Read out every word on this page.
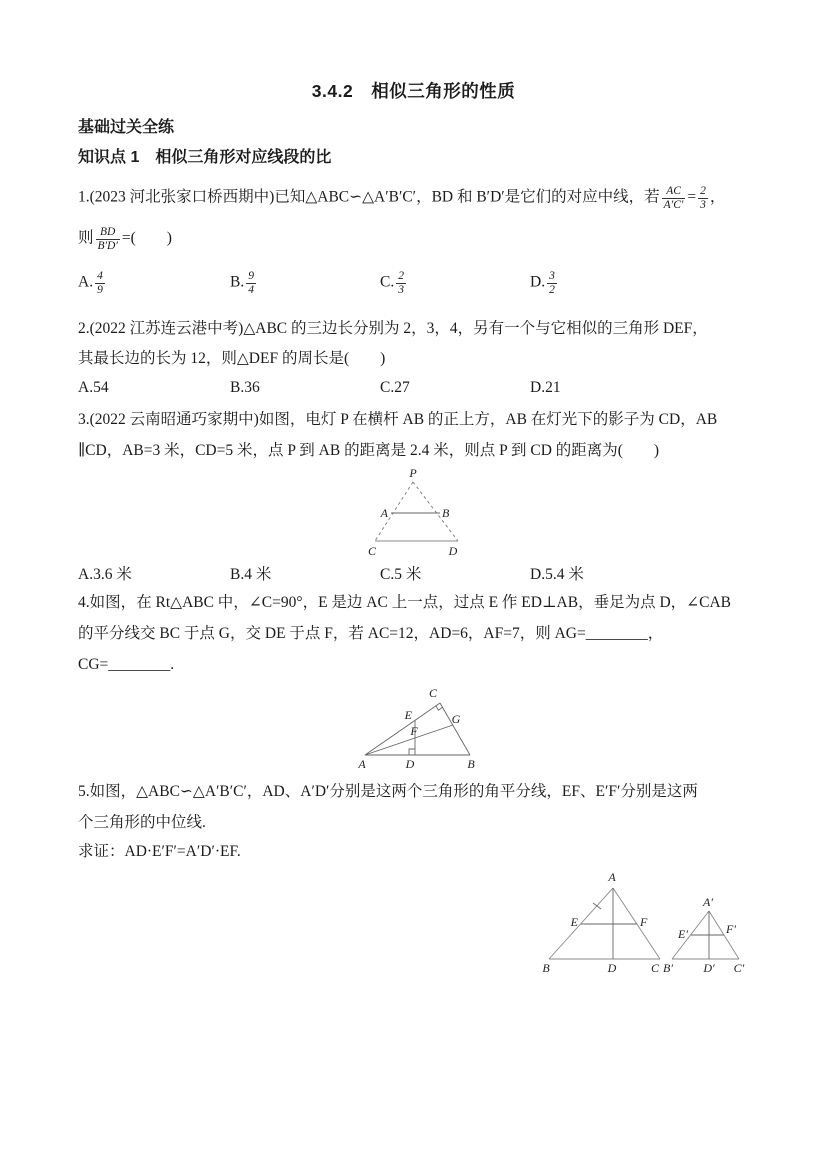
3.4.2　相似三角形的性质
基础过关全练
知识点 1　相似三角形对应线段的比
1.(2023 河北张家口桥西期中)已知△ABC∽△A′B′C′，BD 和 B′D′是它们的对应中线，若 $\frac{AC}{A'C'} = \frac{2}{3}$ ，
则 $\frac{BD}{B'D'}$ =(　　)
A. $\frac{4}{9}$	B. $\frac{9}{4}$	C. $\frac{2}{3}$	D. $\frac{3}{2}$
2.(2022 江苏连云港中考)△ABC 的三边长分别为 2，3，4，另有一个与它相似的三角形 DEF，
其最长边的长为 12，则△DEF 的周长是(　　)
A.54	B.36	C.27	D.21
3.(2022 云南昭通巧家期中)如图，电灯 P 在横杆 AB 的正上方，AB 在灯光下的影子为 CD，AB
∥CD，AB=3 米，CD=5 米，点 P 到 AB 的距离是 2.4 米，则点 P 到 CD 的距离为(　　)
P
A	B
C	D
A.3.6 米	B.4 米	C.5 米	D.5.4 米
4.如图，在 Rt△ABC 中，∠C=90°，E 是边 AC 上一点，过点 E 作 ED⊥AB，垂足为点 D，∠CAB
的平分线交 BC 于点 G，交 DE 于点 F，若 AC=12，AD=6，AF=7，则 AG=________，
CG=________.
A	B
C
D
E
F
G
5.如图，△ABC∽△A′B′C′，AD、A′D′分别是这两个三角形的角平分线，EF、E′F′分别是这两
个三角形的中位线.
求证：AD·E′F′=A′D′·EF.
A
B	C
D
E	F
A′
B′	C′
D′
E′	F′
